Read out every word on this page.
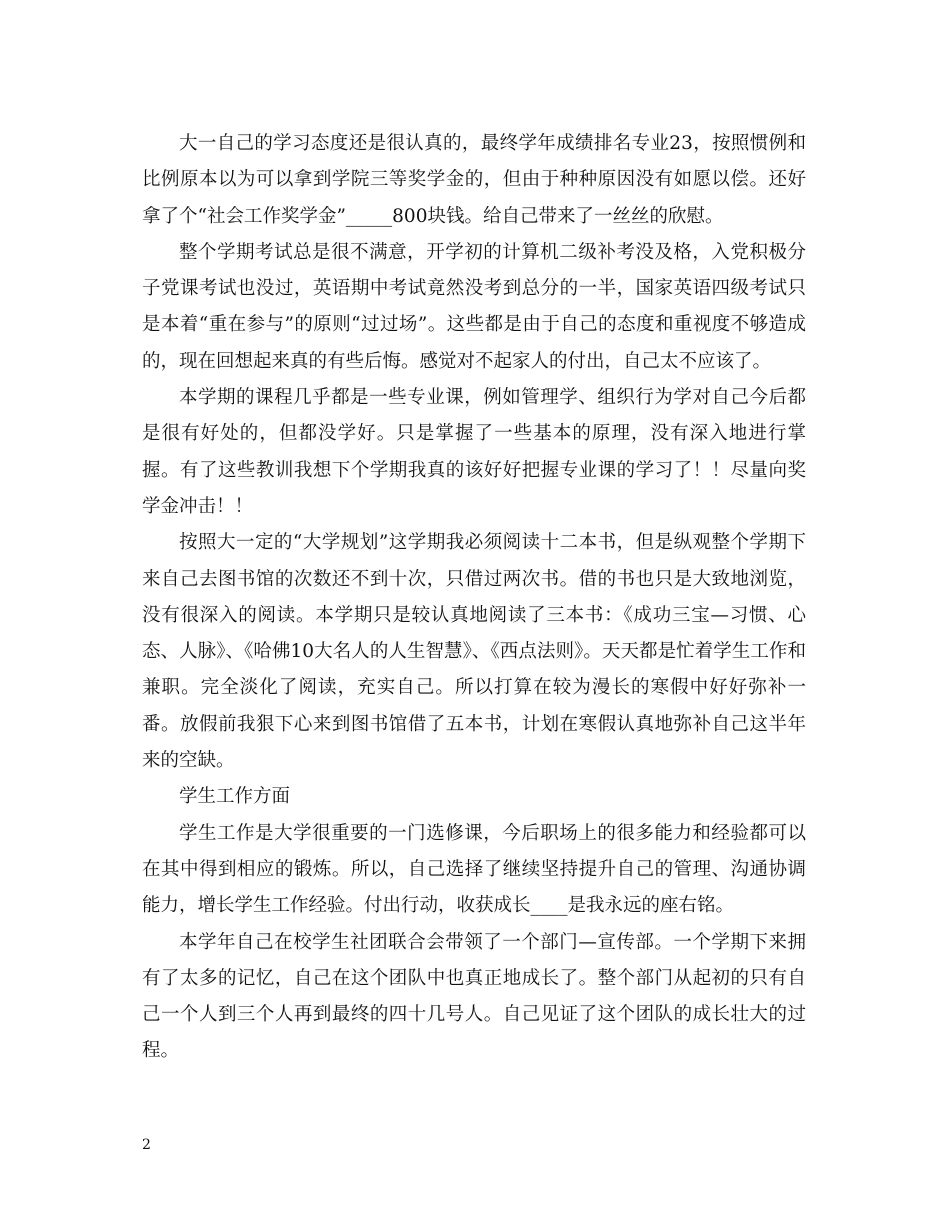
大一自己的学习态度还是很认真的，最终学年成绩排名专业23，按照惯例和比例原本以为可以拿到学院三等奖学金的，但由于种种原因没有如愿以偿。还好拿了个“社会工作奖学金”_____800块钱。给自己带来了一丝丝的欣慰。

整个学期考试总是很不满意，开学初的计算机二级补考没及格，入党积极分子党课考试也没过，英语期中考试竟然没考到总分的一半，国家英语四级考试只是本着“重在参与”的原则“过过场”。这些都是由于自己的态度和重视度不够造成的，现在回想起来真的有些后悔。感觉对不起家人的付出，自己太不应该了。

本学期的课程几乎都是一些专业课，例如管理学、组织行为学对自己今后都是很有好处的，但都没学好。只是掌握了一些基本的原理，没有深入地进行掌握。有了这些教训我想下个学期我真的该好好把握专业课的学习了！！尽量向奖学金冲击！！

按照大一定的“大学规划”这学期我必须阅读十二本书，但是纵观整个学期下来自己去图书馆的次数还不到十次，只借过两次书。借的书也只是大致地浏览，没有很深入的阅读。本学期只是较认真地阅读了三本书：《成功三宝—习惯、心态、人脉》、《哈佛10大名人的人生智慧》、《西点法则》。天天都是忙着学生工作和兼职。完全淡化了阅读，充实自己。所以打算在较为漫长的寒假中好好弥补一番。放假前我狠下心来到图书馆借了五本书，计划在寒假认真地弥补自己这半年来的空缺。

学生工作方面

学生工作是大学很重要的一门选修课，今后职场上的很多能力和经验都可以在其中得到相应的锻炼。所以，自己选择了继续坚持提升自己的管理、沟通协调能力，增长学生工作经验。付出行动，收获成长____是我永远的座右铭。

本学年自己在校学生社团联合会带领了一个部门—宣传部。一个学期下来拥有了太多的记忆，自己在这个团队中也真正地成长了。整个部门从起初的只有自己一个人到三个人再到最终的四十几号人。自己见证了这个团队的成长壮大的过程。

2
